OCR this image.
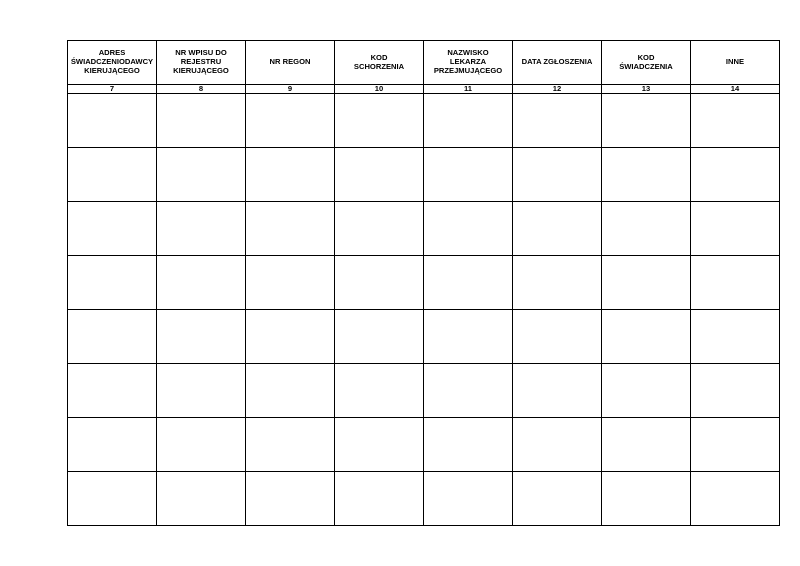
ADRES ŚWIADCZENIODAWCY KIERUJĄCEGO	NR WPISU DO REJESTRU KIERUJĄCEGO	NR REGON	KOD SCHORZENIA	NAZWISKO LEKARZA PRZEJMUJĄCEGO	DATA ZGŁOSZENIA	KOD ŚWIADCZENIA	INNE
7	8	9	10	11	12	13	14
